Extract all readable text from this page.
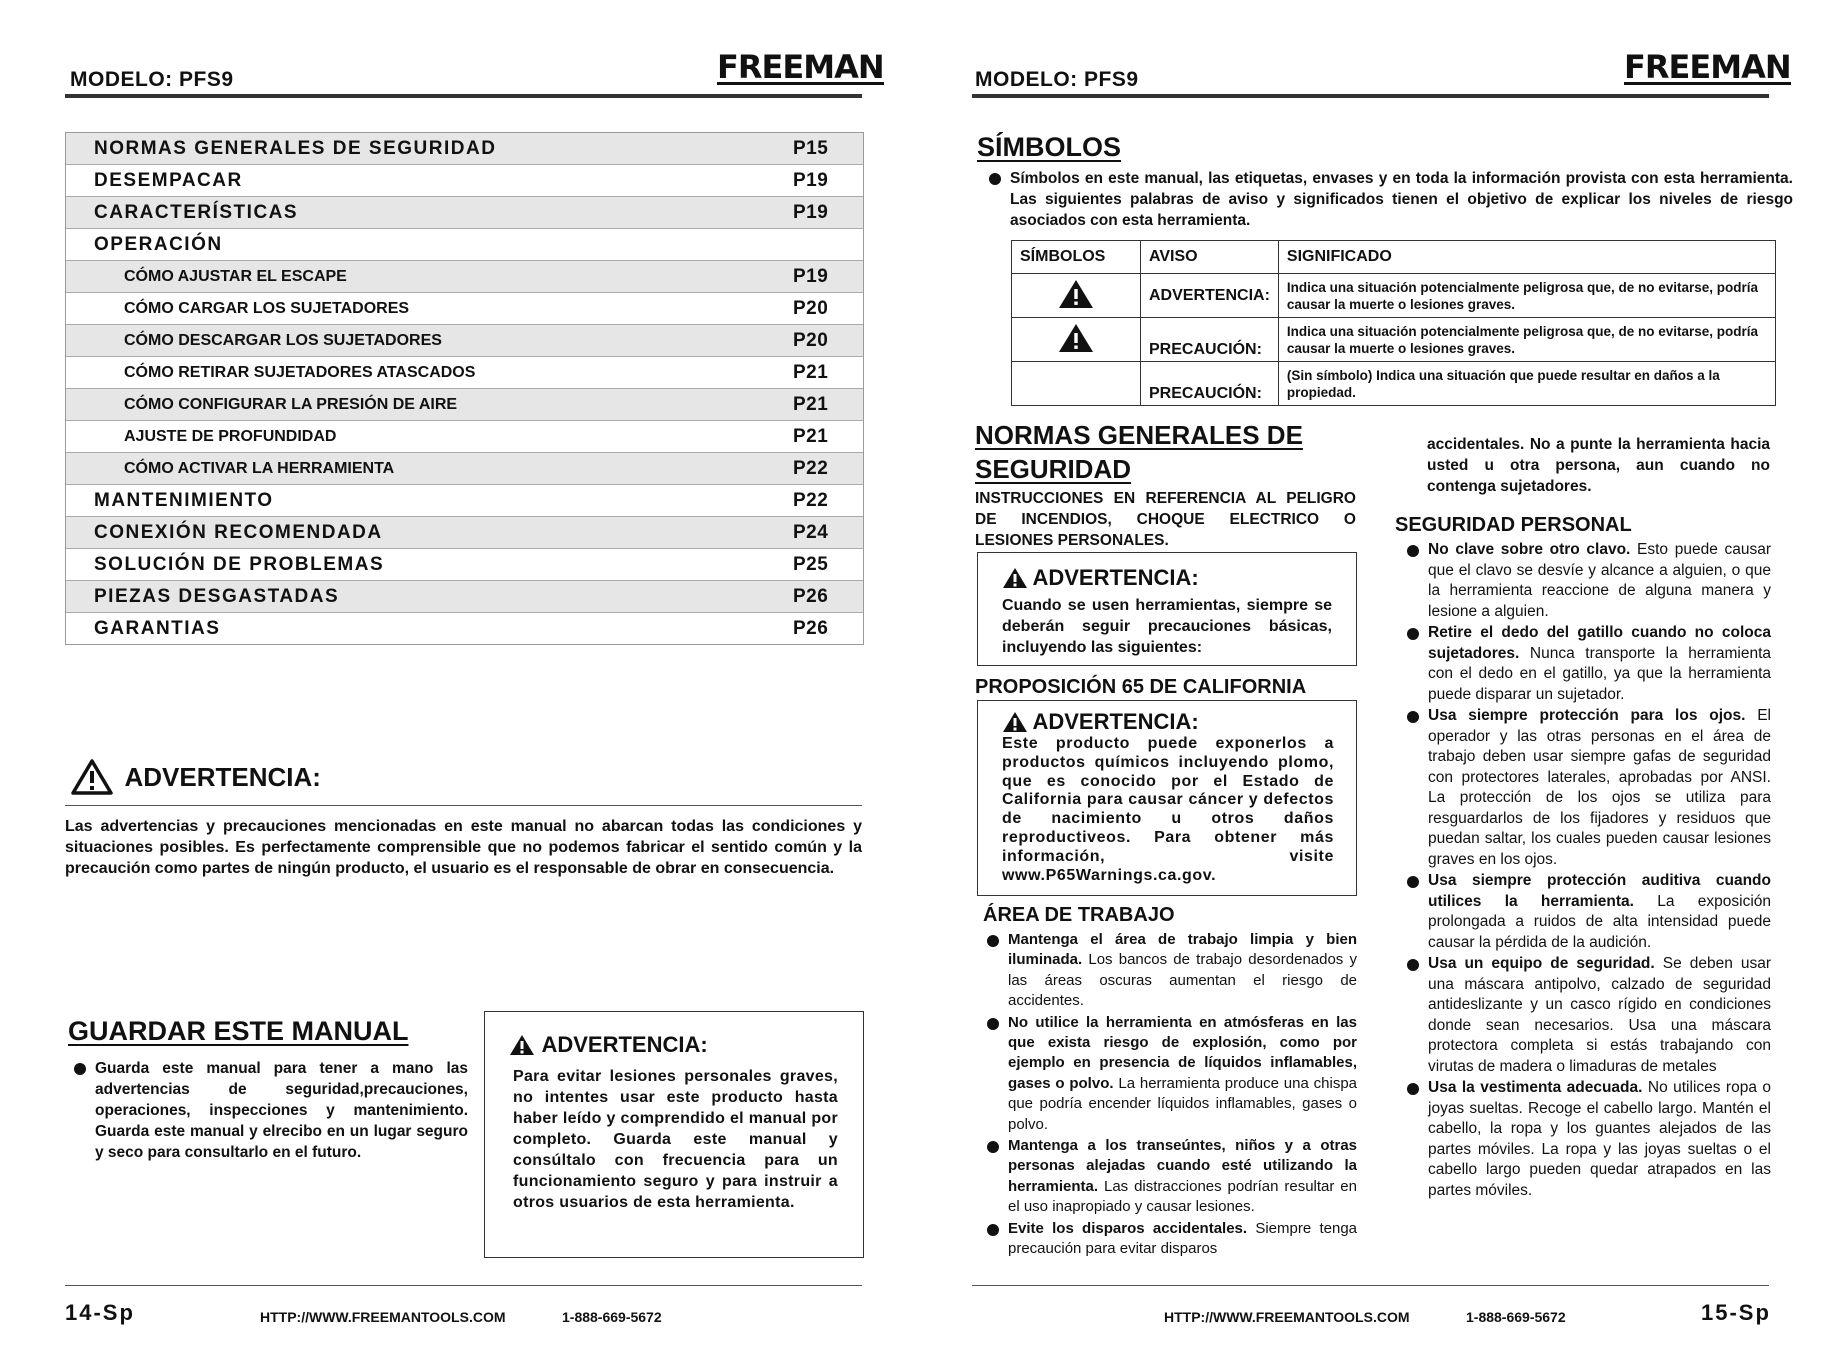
MODELO: PFS9	FREEMAN
NORMAS GENERALES DE SEGURIDAD	P15
DESEMPACAR	P19
CARACTERÍSTICAS	P19
OPERACIÓN
CÓMO AJUSTAR EL ESCAPE	P19
CÓMO CARGAR LOS SUJETADORES	P20
CÓMO DESCARGAR LOS SUJETADORES	P20
CÓMO RETIRAR SUJETADORES ATASCADOS	P21
CÓMO CONFIGURAR LA PRESIÓN DE AIRE	P21
AJUSTE DE PROFUNDIDAD	P21
CÓMO ACTIVAR LA HERRAMIENTA	P22
MANTENIMIENTO	P22
CONEXIÓN RECOMENDADA	P24
SOLUCIÓN DE PROBLEMAS	P25
PIEZAS DESGASTADAS	P26
GARANTIAS	P26
ADVERTENCIA:
Las advertencias y precauciones mencionadas en este manual no abarcan todas las condiciones y situaciones posibles. Es perfectamente comprensible que no podemos fabricar el sentido común y la precaución como partes de ningún producto, el usuario es el responsable de obrar en consecuencia.
GUARDAR ESTE MANUAL
Guarda este manual para tener a mano las advertencias de seguridad,precauciones, operaciones, inspecciones y mantenimiento. Guarda este manual y elrecibo en un lugar seguro y seco para consultarlo en el futuro.
ADVERTENCIA:
Para evitar lesiones personales graves, no intentes usar este producto hasta haber leído y comprendido el manual por completo. Guarda este manual y consúltalo con frecuencia para un funcionamiento seguro y para instruir a otros usuarios de esta herramienta.
14-Sp	HTTP://WWW.FREEMANTOOLS.COM	1-888-669-5672
MODELO: PFS9	FREEMAN
SÍMBOLOS
Símbolos en este manual, las etiquetas, envases y en toda la información provista con esta herramienta. Las siguientes palabras de aviso y significados tienen el objetivo de explicar los niveles de riesgo asociados con esta herramienta.
SÍMBOLOS	AVISO	SIGNIFICADO
	ADVERTENCIA:	Indica una situación potencialmente peligrosa que, de no evitarse, podría causar la muerte o lesiones graves.
	PRECAUCIÓN:	Indica una situación potencialmente peligrosa que, de no evitarse, podría causar la muerte o lesiones graves.
	PRECAUCIÓN:	(Sin símbolo) Indica una situación que puede resultar en daños a la propiedad.
NORMAS GENERALES DE
SEGURIDAD
INSTRUCCIONES EN REFERENCIA AL PELIGRO DE INCENDIOS, CHOQUE ELECTRICO O LESIONES PERSONALES.
ADVERTENCIA:
Cuando se usen herramientas, siempre se deberán seguir precauciones básicas, incluyendo las siguientes:
PROPOSICIÓN 65 DE CALIFORNIA
ADVERTENCIA:
Este producto puede exponerlos a productos químicos incluyendo plomo, que es conocido por el Estado de California para causar cáncer y defectos de nacimiento u otros daños reproductiveos. Para obtener más información, visite www.P65Warnings.ca.gov.
ÁREA DE TRABAJO
Mantenga el área de trabajo limpia y bien iluminada. Los bancos de trabajo desordenados y las áreas oscuras aumentan el riesgo de accidentes.
No utilice la herramienta en atmósferas en las que exista riesgo de explosión, como por ejemplo en presencia de líquidos inflamables, gases o polvo. La herramienta produce una chispa que podría encender líquidos inflamables, gases o polvo.
Mantenga a los transeúntes, niños y a otras personas alejadas cuando esté utilizando la herramienta. Las distracciones podrían resultar en el uso inapropiado y causar lesiones.
Evite los disparos accidentales. Siempre tenga precaución para evitar disparos
accidentales. No a punte la herramienta hacia usted u otra persona, aun cuando no contenga sujetadores.
SEGURIDAD PERSONAL
No clave sobre otro clavo. Esto puede causar que el clavo se desvíe y alcance a alguien, o que la herramienta reaccione de alguna manera y lesione a alguien.
Retire el dedo del gatillo cuando no coloca sujetadores. Nunca transporte la herramienta con el dedo en el gatillo, ya que la herramienta puede disparar un sujetador.
Usa siempre protección para los ojos. El operador y las otras personas en el área de trabajo deben usar siempre gafas de seguridad con protectores laterales, aprobadas por ANSI. La protección de los ojos se utiliza para resguardarlos de los fijadores y residuos que puedan saltar, los cuales pueden causar lesiones graves en los ojos.
Usa siempre protección auditiva cuando utilices la herramienta. La exposición prolongada a ruidos de alta intensidad puede causar la pérdida de la audición.
Usa un equipo de seguridad. Se deben usar una máscara antipolvo, calzado de seguridad antideslizante y un casco rígido en condiciones donde sean necesarios. Usa una máscara protectora completa si estás trabajando con virutas de madera o limaduras de metales
Usa la vestimenta adecuada. No utilices ropa o joyas sueltas. Recoge el cabello largo. Mantén el cabello, la ropa y los guantes alejados de las partes móviles. La ropa y las joyas sueltas o el cabello largo pueden quedar atrapados en las partes móviles.
HTTP://WWW.FREEMANTOOLS.COM	1-888-669-5672	15-Sp
